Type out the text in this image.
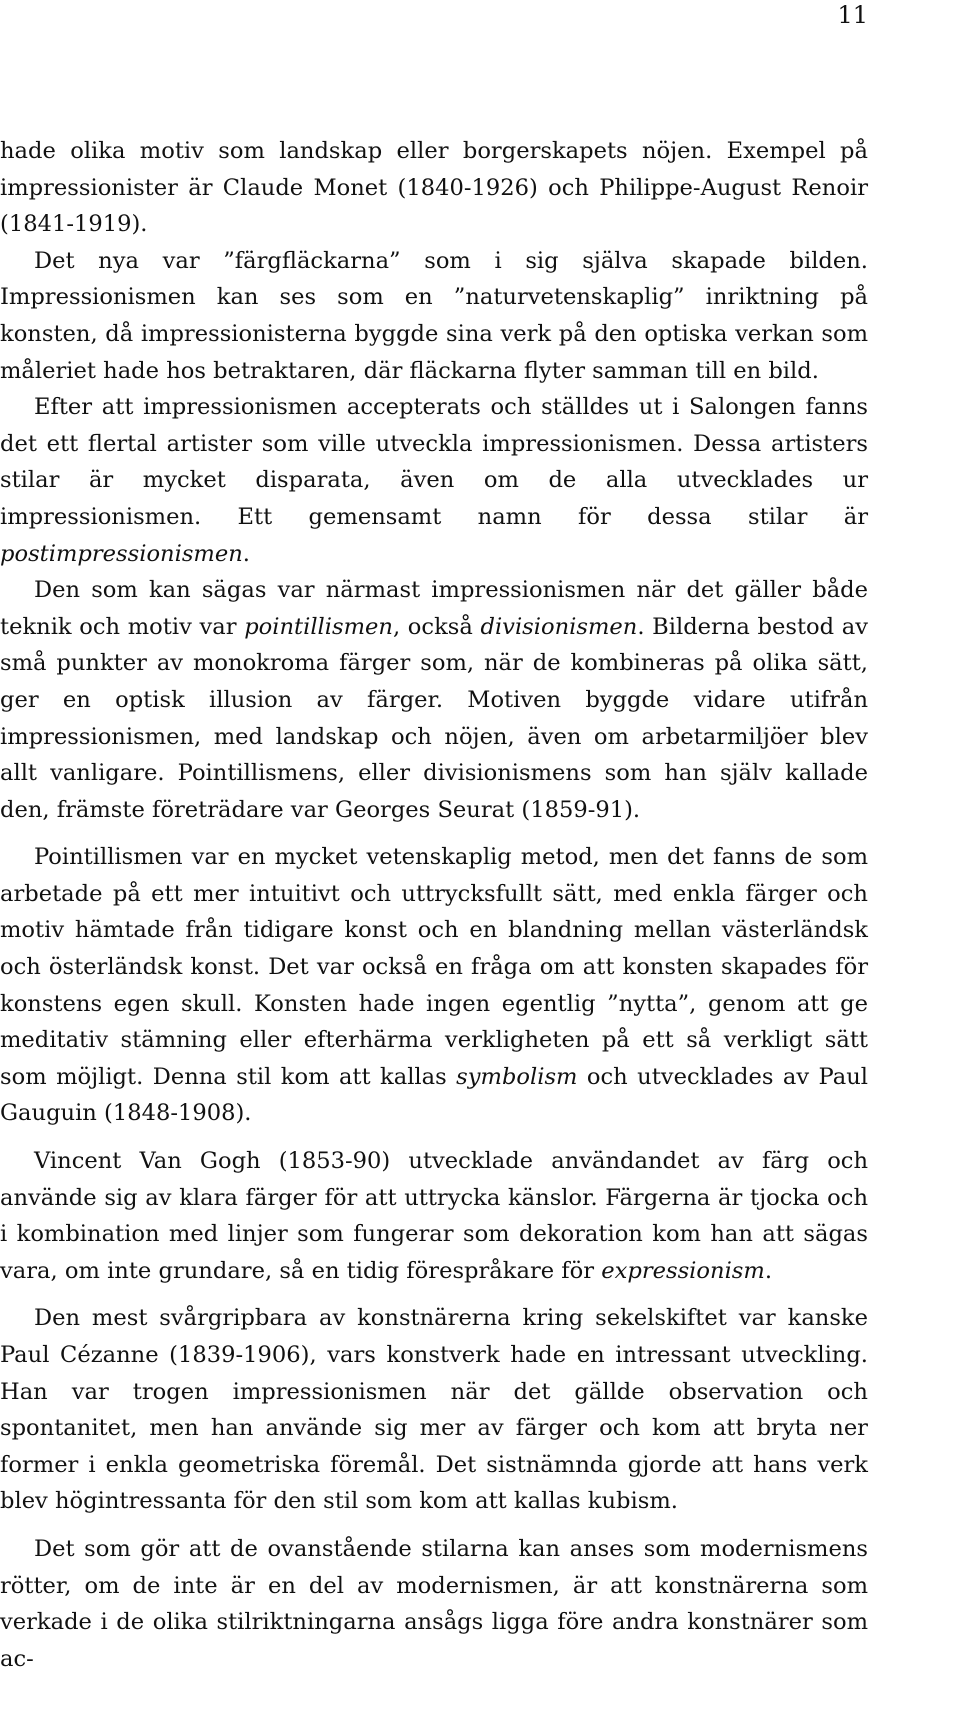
11

hade olika motiv som landskap eller borgerskapets nöjen. Exempel på impressionister är Claude Monet (1840-1926) och Philippe-August Renoir (1841-1919).

Det nya var ”färgfläckarna” som i sig själva skapade bilden. Impressionismen kan ses som en ”naturvetenskaplig” inriktning på konsten, då impressionisterna byggde sina verk på den optiska verkan som måleriet hade hos betraktaren, där fläckarna flyter samman till en bild.

Efter att impressionismen accepterats och ställdes ut i Salongen fanns det ett flertal artister som ville utveckla impressionismen. Dessa artisters stilar är mycket disparata, även om de alla utvecklades ur impressionismen. Ett gemensamt namn för dessa stilar är postimpressionismen.

Den som kan sägas var närmast impressionismen när det gäller både teknik och motiv var pointillismen, också divisionismen. Bilderna bestod av små punkter av monokroma färger som, när de kombineras på olika sätt, ger en optisk illusion av färger. Motiven byggde vidare utifrån impressionismen, med landskap och nöjen, även om arbetarmiljöer blev allt vanligare. Pointillismens, eller divisionismens som han själv kallade den, främste företrädare var Georges Seurat (1859-91).

Pointillismen var en mycket vetenskaplig metod, men det fanns de som arbetade på ett mer intuitivt och uttrycksfullt sätt, med enkla färger och motiv hämtade från tidigare konst och en blandning mellan västerländsk och österländsk konst. Det var också en fråga om att konsten skapades för konstens egen skull. Konsten hade ingen egentlig ”nytta”, genom att ge meditativ stämning eller efterhärma verkligheten på ett så verkligt sätt som möjligt. Denna stil kom att kallas symbolism och utvecklades av Paul Gauguin (1848-1908).

Vincent Van Gogh (1853-90) utvecklade användandet av färg och använde sig av klara färger för att uttrycka känslor. Färgerna är tjocka och i kombination med linjer som fungerar som dekoration kom han att sägas vara, om inte grundare, så en tidig förespråkare för expressionism.

Den mest svårgripbara av konstnärerna kring sekelskiftet var kanske Paul Cézanne (1839-1906), vars konstverk hade en intressant utveckling. Han var trogen impressionismen när det gällde observation och spontanitet, men han använde sig mer av färger och kom att bryta ner former i enkla geometriska föremål. Det sistnämnda gjorde att hans verk blev högintressanta för den stil som kom att kallas kubism.

Det som gör att de ovanstående stilarna kan anses som modernismens rötter, om de inte är en del av modernismen, är att konstnärerna som verkade i de olika stilriktningarna ansågs ligga före andra konstnärer som ac-
